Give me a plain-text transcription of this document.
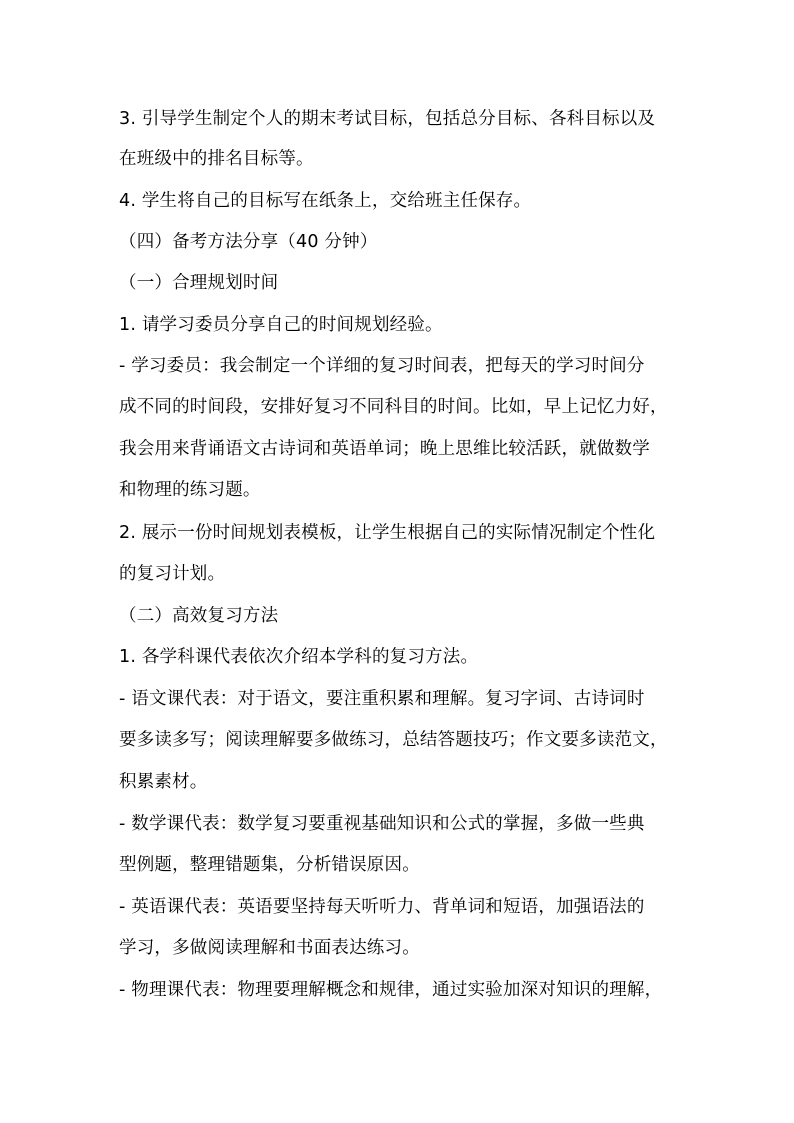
3. 引导学生制定个人的期末考试目标，包括总分目标、各科目标以及
在班级中的排名目标等。
4. 学生将自己的目标写在纸条上，交给班主任保存。
（四）备考方法分享（40 分钟）
（一）合理规划时间
1. 请学习委员分享自己的时间规划经验。
- 学习委员：我会制定一个详细的复习时间表，把每天的学习时间分
成不同的时间段，安排好复习不同科目的时间。比如，早上记忆力好，
我会用来背诵语文古诗词和英语单词；晚上思维比较活跃，就做数学
和物理的练习题。
2. 展示一份时间规划表模板，让学生根据自己的实际情况制定个性化
的复习计划。
（二）高效复习方法
1. 各学科课代表依次介绍本学科的复习方法。
- 语文课代表：对于语文，要注重积累和理解。复习字词、古诗词时
要多读多写；阅读理解要多做练习，总结答题技巧；作文要多读范文，
积累素材。
- 数学课代表：数学复习要重视基础知识和公式的掌握，多做一些典
型例题，整理错题集，分析错误原因。
- 英语课代表：英语要坚持每天听听力、背单词和短语，加强语法的
学习，多做阅读理解和书面表达练习。
- 物理课代表：物理要理解概念和规律，通过实验加深对知识的理解，
